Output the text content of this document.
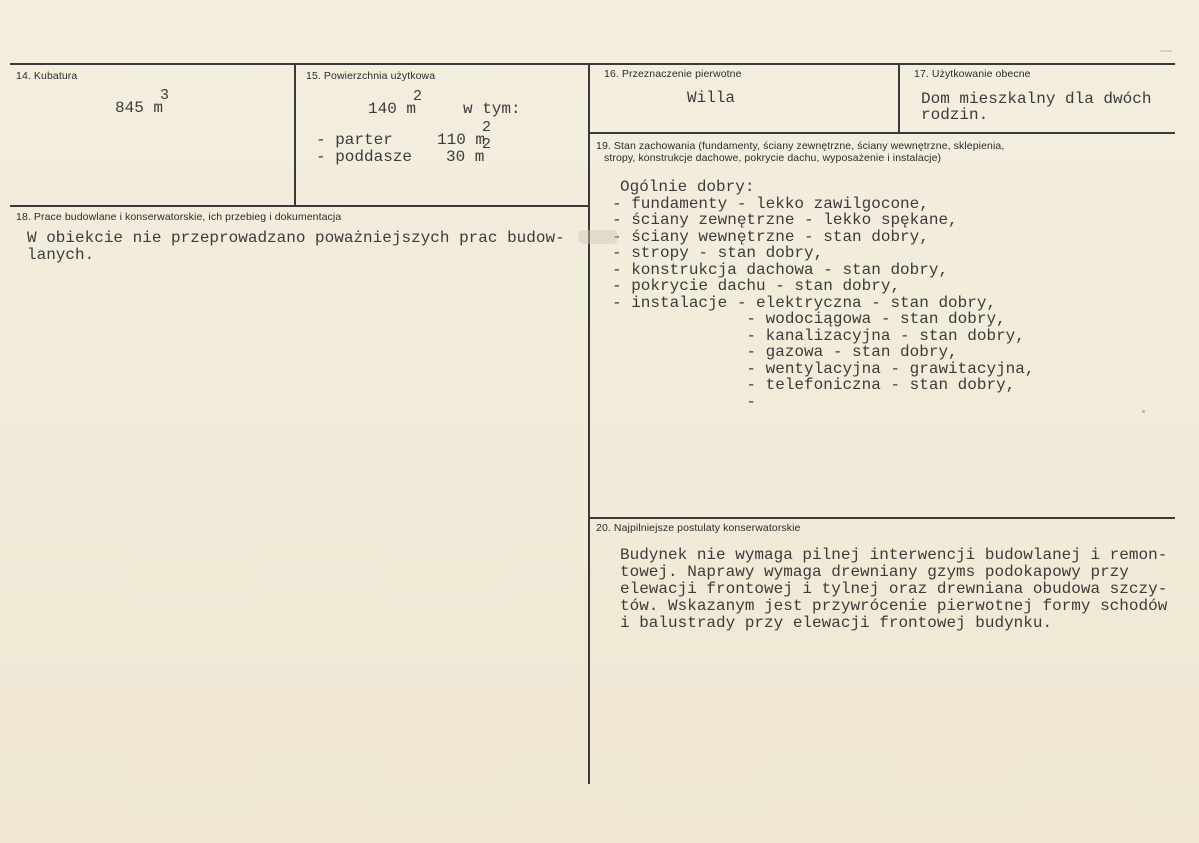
14. Kubatura
845 m
3
15. Powierzchnia użytkowa
140 m
2
w tym:
- parter	110 m
2
- poddasze 30 m
2
16. Przeznaczenie pierwotne
Willa
17. Użytkowanie obecne
Dom mieszkalny dla dwóch
rodzin.
18. Prace budowlane i konserwatorskie, ich przebieg i dokumentacja
W obiekcie nie przeprowadzano poważniejszych prac budow-
lanych.
19. Stan zachowania (fundamenty, ściany zewnętrzne, ściany wewnętrzne, sklepienia,
stropy, konstrukcje dachowe, pokrycie dachu, wyposażenie i instalacje)
Ogólnie dobry:
- fundamenty - lekko zawilgocone,
- ściany zewnętrzne - lekko spękane,
- ściany wewnętrzne - stan dobry,
- stropy - stan dobry,
- konstrukcja dachowa - stan dobry,
- pokrycie dachu - stan dobry,
- instalacje - elektryczna - stan dobry,
- wodociągowa - stan dobry,
- kanalizacyjna - stan dobry,
- gazowa - stan dobry,
- wentylacyjna - grawitacyjna,
- telefoniczna - stan dobry,
-
20. Najpilniejsze postulaty konserwatorskie
Budynek nie wymaga pilnej interwencji budowlanej i remon-
towej. Naprawy wymaga drewniany gzyms podokapowy przy
elewacji frontowej i tylnej oraz drewniana obudowa szczy-
tów. Wskazanym jest przywrócenie pierwotnej formy schodów
i balustrady przy elewacji frontowej budynku.
